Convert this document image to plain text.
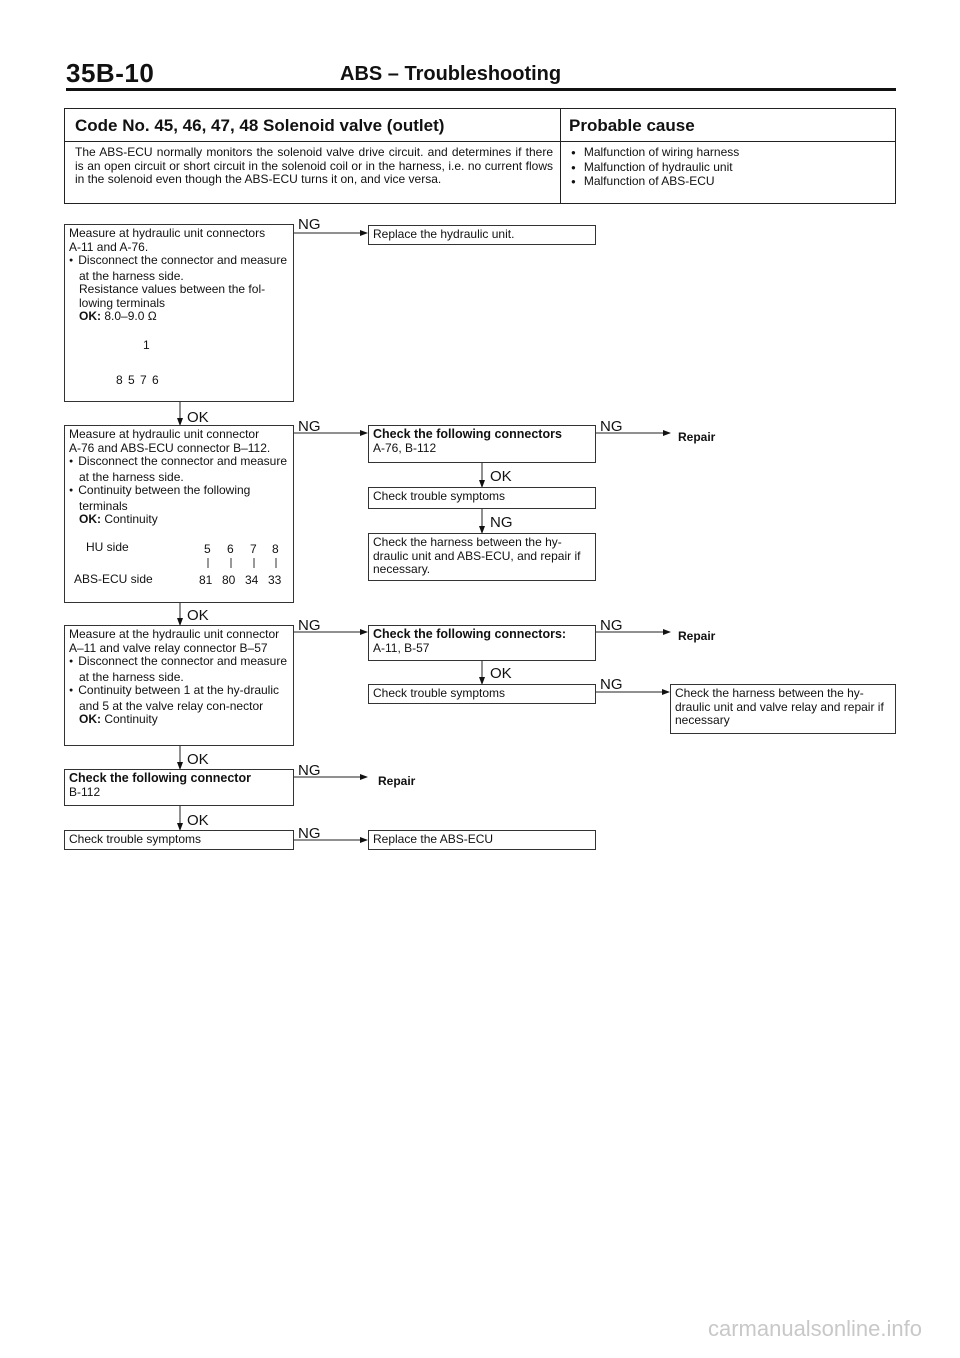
35B-10	ABS – Troubleshooting
Code No. 45, 46, 47, 48 Solenoid valve (outlet)	Probable cause
The ABS-ECU normally monitors the solenoid valve drive circuit. and determines if there is an open circuit or short circuit in the solenoid coil or in the harness, i.e. no current flows in the solenoid even though the ABS-ECU turns it on, and vice versa.
● Malfunction of wiring harness
● Malfunction of hydraulic unit
● Malfunction of ABS-ECU
Measure at hydraulic unit connectors
A-11 and A-76.
● Disconnect the connector and measure at the harness side.
Resistance values between the fol-lowing terminals
OK: 8.0–9.0 Ω
1
8 5 7 6
Measure at hydraulic unit connector
A-76 and ABS-ECU connector B–112.
● Disconnect the connector and measure at the harness side.
● Continuity between the following terminals
OK: Continuity
HU side	5 6 7 8
ABS-ECU side	81 80 34 33
Measure at the hydraulic unit connector
A–11 and valve relay connector B–57
● Disconnect the connector and measure at the harness side.
● Continuity between 1 at the hy-draulic and 5 at the valve relay con-nector
OK: Continuity
Check the following connector
B-112
Check trouble symptoms
Replace the hydraulic unit.
Check the following connectors
A-76, B-112
Check trouble symptoms
Check the harness between the hy-draulic unit and ABS-ECU, and repair if necessary.
Check the following connectors:
A-11, B-57
Check trouble symptoms	Check the harness between the hy-draulic unit and valve relay and repair if necessary
Replace the ABS-ECU
NG
OK
NG	NG
Repair
OK
NG
OK
NG	NG
Repair
OK
NG
OK
NG
Repair
OK
NG
carmanualsonline.info
